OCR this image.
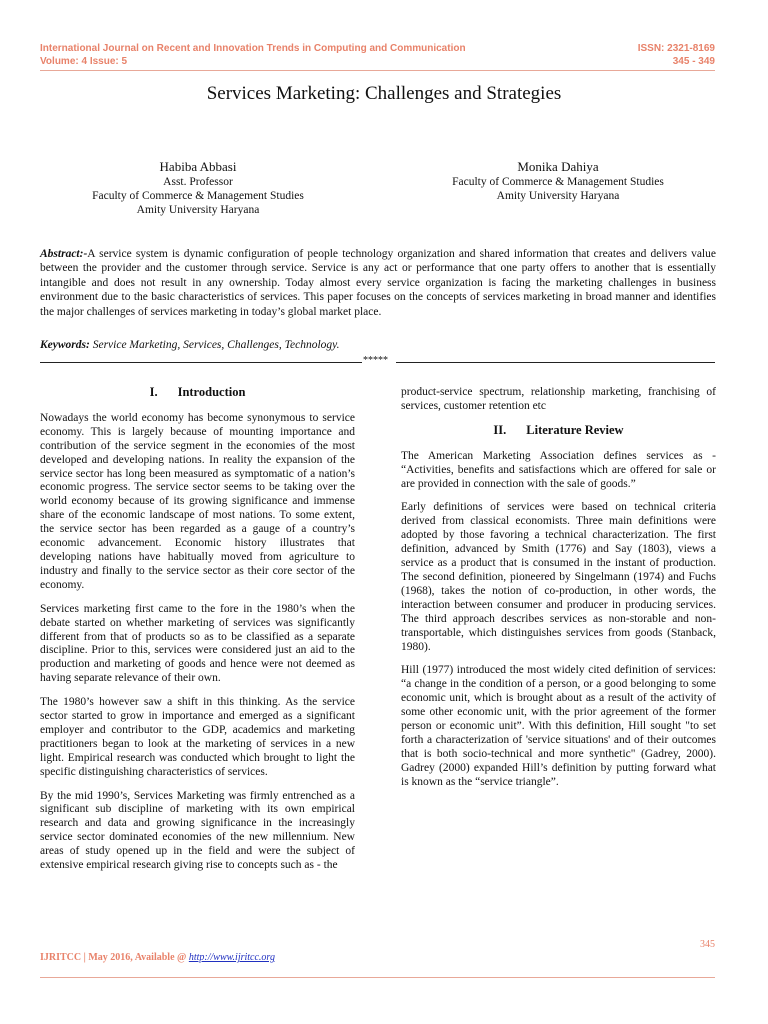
International Journal on Recent and Innovation Trends in Computing and Communication
Volume: 4 Issue: 5
ISSN: 2321-8169
345 - 349
Services Marketing: Challenges and Strategies
Habiba Abbasi
Asst. Professor
Faculty of Commerce & Management Studies
Amity University Haryana
Monika Dahiya
Faculty of Commerce & Management Studies
Amity University Haryana
Abstract:-A service system is dynamic configuration of people technology organization and shared information that creates and delivers value between the provider and the customer through service. Service is any act or performance that one party offers to another that is essentially intangible and does not result in any ownership. Today almost every service organization is facing the marketing challenges in business environment due to the basic characteristics of services. This paper focuses on the concepts of services marketing in broad manner and identifies the major challenges of services marketing in today’s global market place.
Keywords: Service Marketing, Services, Challenges, Technology.
*****
I. Introduction

Nowadays the world economy has become synonymous to service economy. This is largely because of mounting importance and contribution of the service segment in the economies of the most developed and developing nations. In reality the expansion of the service sector has long been measured as symptomatic of a nation’s economic progress. The service sector seems to be taking over the world economy because of its growing significance and immense share of the economic landscape of most nations. To some extent, the service sector has been regarded as a gauge of a country’s economic advancement. Economic history illustrates that developing nations have habitually moved from agriculture to industry and finally to the service sector as their core sector of the economy.

Services marketing first came to the fore in the 1980’s when the debate started on whether marketing of services was significantly different from that of products so as to be classified as a separate discipline. Prior to this, services were considered just an aid to the production and marketing of goods and hence were not deemed as having separate relevance of their own.

The 1980’s however saw a shift in this thinking. As the service sector started to grow in importance and emerged as a significant employer and contributor to the GDP, academics and marketing practitioners began to look at the marketing of services in a new light. Empirical research was conducted which brought to light the specific distinguishing characteristics of services.

By the mid 1990’s, Services Marketing was firmly entrenched as a significant sub discipline of marketing with its own empirical research and data and growing significance in the increasingly service sector dominated economies of the new millennium. New areas of study opened up in the field and were the subject of extensive empirical research giving rise to concepts such as - the

product-service spectrum, relationship marketing, franchising of services, customer retention etc

II. Literature Review

The American Marketing Association defines services as - “Activities, benefits and satisfactions which are offered for sale or are provided in connection with the sale of goods.”

Early definitions of services were based on technical criteria derived from classical economists. Three main definitions were adopted by those favoring a technical characterization. The first definition, advanced by Smith (1776) and Say (1803), views a service as a product that is consumed in the instant of production. The second definition, pioneered by Singelmann (1974) and Fuchs (1968), takes the notion of co-production, in other words, the interaction between consumer and producer in producing services. The third approach describes services as non-storable and non-transportable, which distinguishes services from goods (Stanback, 1980).

Hill (1977) introduced the most widely cited definition of services: “a change in the condition of a person, or a good belonging to some economic unit, which is brought about as a result of the activity of some other economic unit, with the prior agreement of the former person or economic unit”. With this definition, Hill sought "to set forth a characterization of 'service situations' and of their outcomes that is both socio-technical and more synthetic" (Gadrey, 2000). Gadrey (2000) expanded Hill’s definition by putting forward what is known as the “service triangle”.

345
IJRITCC | May 2016, Available @ http://www.ijritcc.org
